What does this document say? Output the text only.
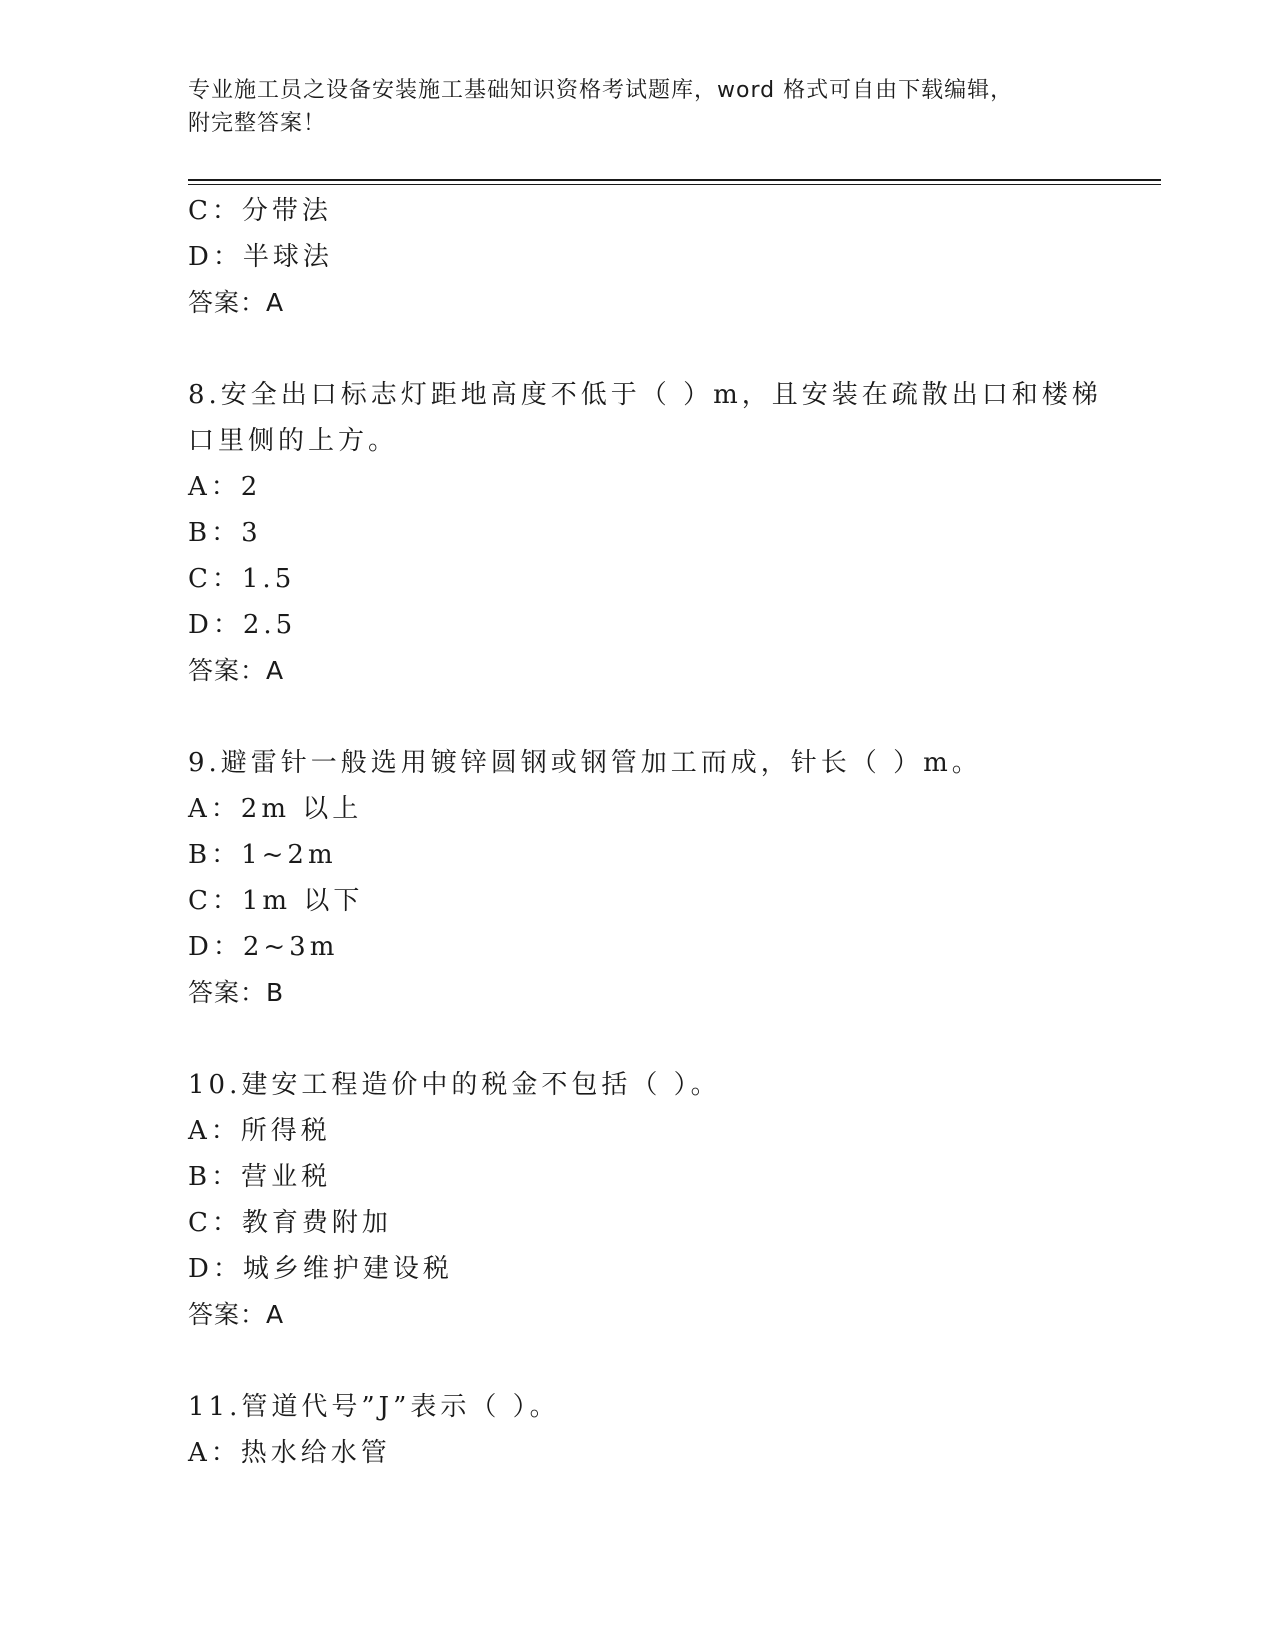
专业施工员之设备安装施工基础知识资格考试题库，word 格式可自由下载编辑，
附完整答案！
C：分带法
D：半球法
答案：A
8.安全出口标志灯距地高度不低于（ ）m，且安装在疏散出口和楼梯
口里侧的上方。
A：2
B：3
C：1.5
D：2.5
答案：A
9.避雷针一般选用镀锌圆钢或钢管加工而成，针长（ ）m。
A：2m 以上
B：1~2m
C：1m 以下
D：2~3m
答案：B
10.建安工程造价中的税金不包括（ ）。
A：所得税
B：营业税
C：教育费附加
D：城乡维护建设税
答案：A
11.管道代号”J”表示（ ）。
A：热水给水管
